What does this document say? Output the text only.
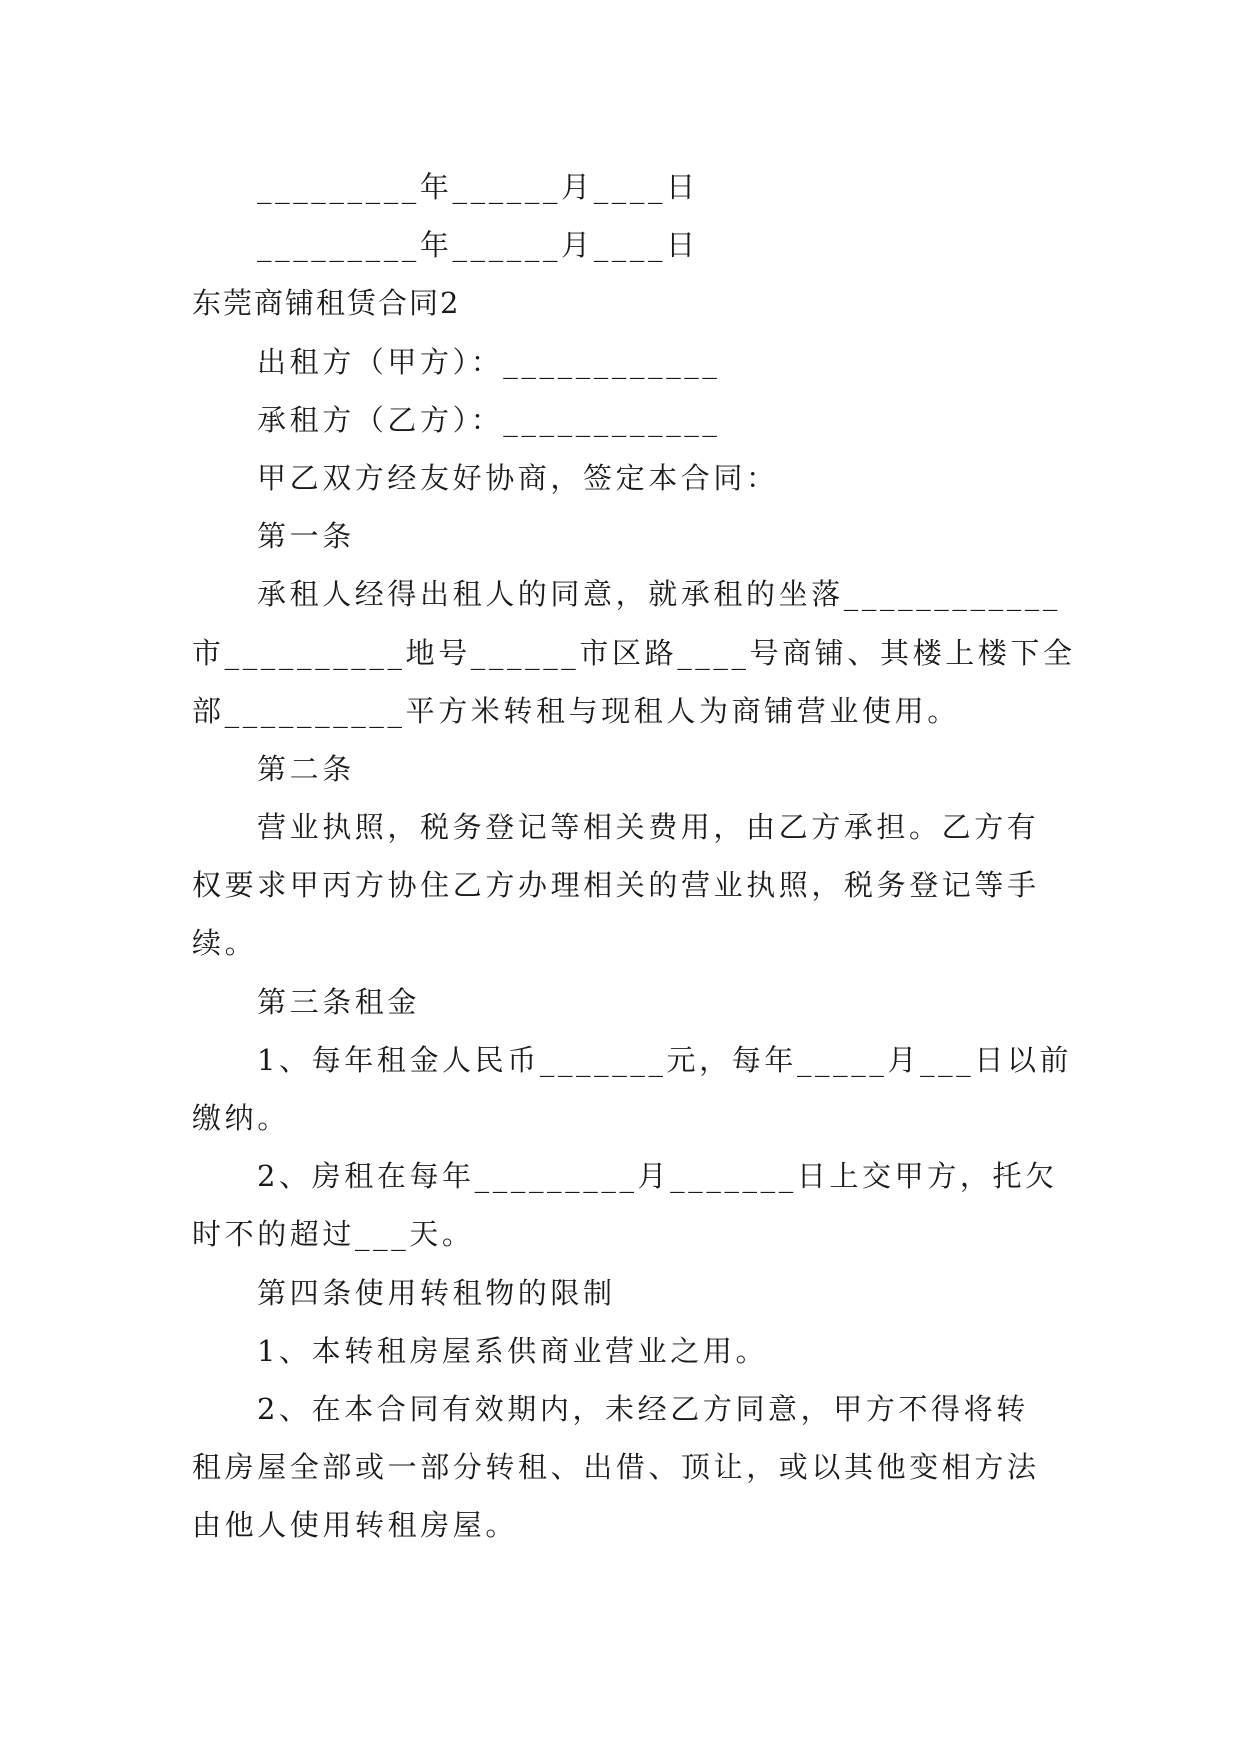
_________年______月____日

_________年______月____日

东莞商铺租赁合同2

出租方（甲方）：____________

承租方（乙方）：____________

甲乙双方经友好协商，签定本合同：

第一条

承租人经得出租人的同意，就承租的坐落____________

市__________地号______市区路____号商铺、其楼上楼下全

部__________平方米转租与现租人为商铺营业使用。

第二条

营业执照，税务登记等相关费用，由乙方承担。乙方有

权要求甲丙方协住乙方办理相关的营业执照，税务登记等手

续。

第三条租金

1、每年租金人民币_______元，每年_____月___日以前

缴纳。

2、房租在每年_________月_______日上交甲方，托欠

时不的超过___天。

第四条使用转租物的限制

1、本转租房屋系供商业营业之用。

2、在本合同有效期内，未经乙方同意，甲方不得将转

租房屋全部或一部分转租、出借、顶让，或以其他变相方法

由他人使用转租房屋。
